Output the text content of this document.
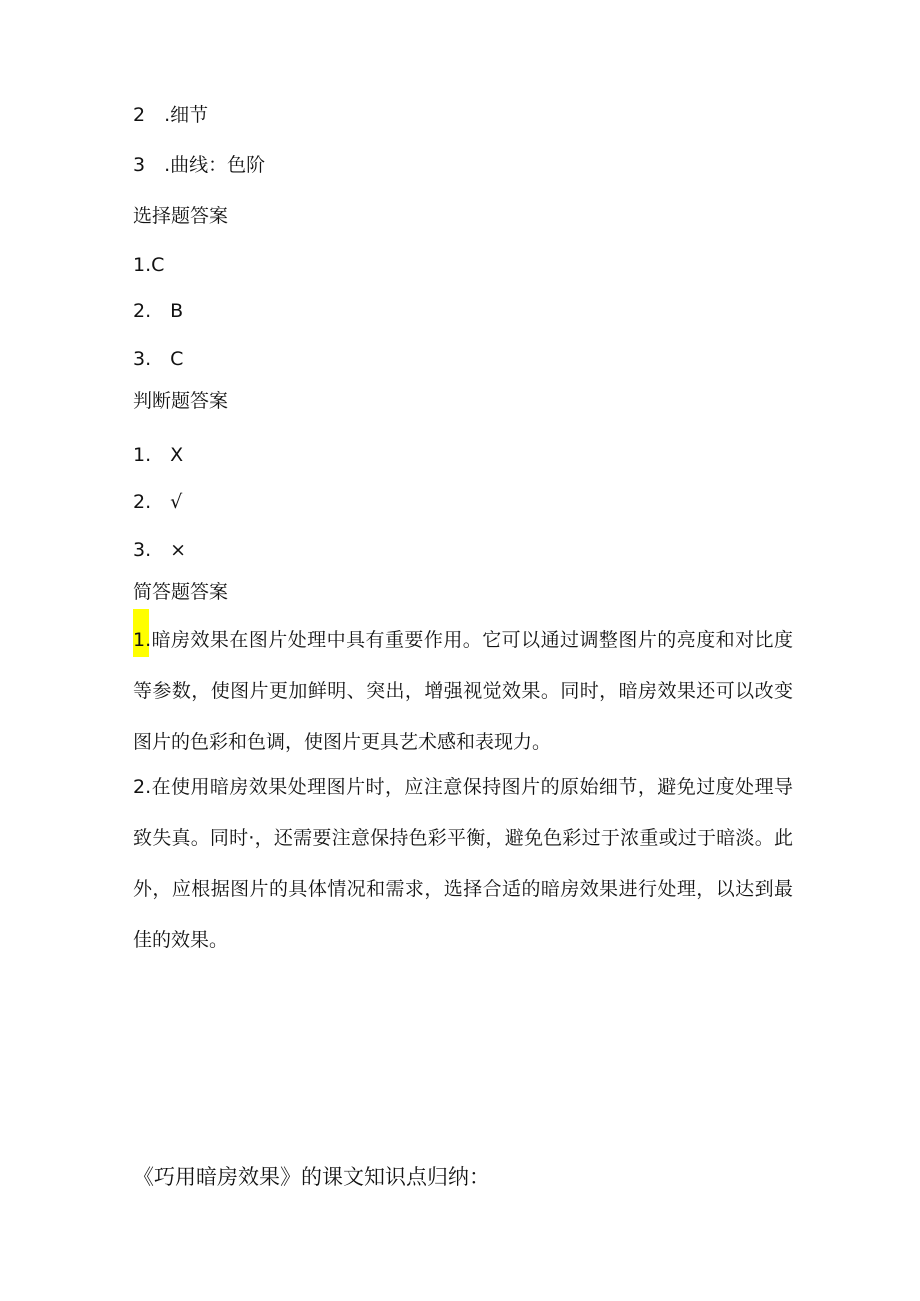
2　.细节
3　.曲线：色阶
选择题答案
1.C
2.　B
3.　C
判断题答案
1.　X
2.　√
3.　×
简答题答案
1.暗房效果在图片处理中具有重要作用。它可以通过调整图片的亮度和对比度等参数，使图片更加鲜明、突出，增强视觉效果。同时，暗房效果还可以改变图片的色彩和色调，使图片更具艺术感和表现力。
2.在使用暗房效果处理图片时，应注意保持图片的原始细节，避免过度处理导致失真。同时·，还需要注意保持色彩平衡，避免色彩过于浓重或过于暗淡。此外，应根据图片的具体情况和需求，选择合适的暗房效果进行处理，以达到最佳的效果。
《巧用暗房效果》的课文知识点归纳：
